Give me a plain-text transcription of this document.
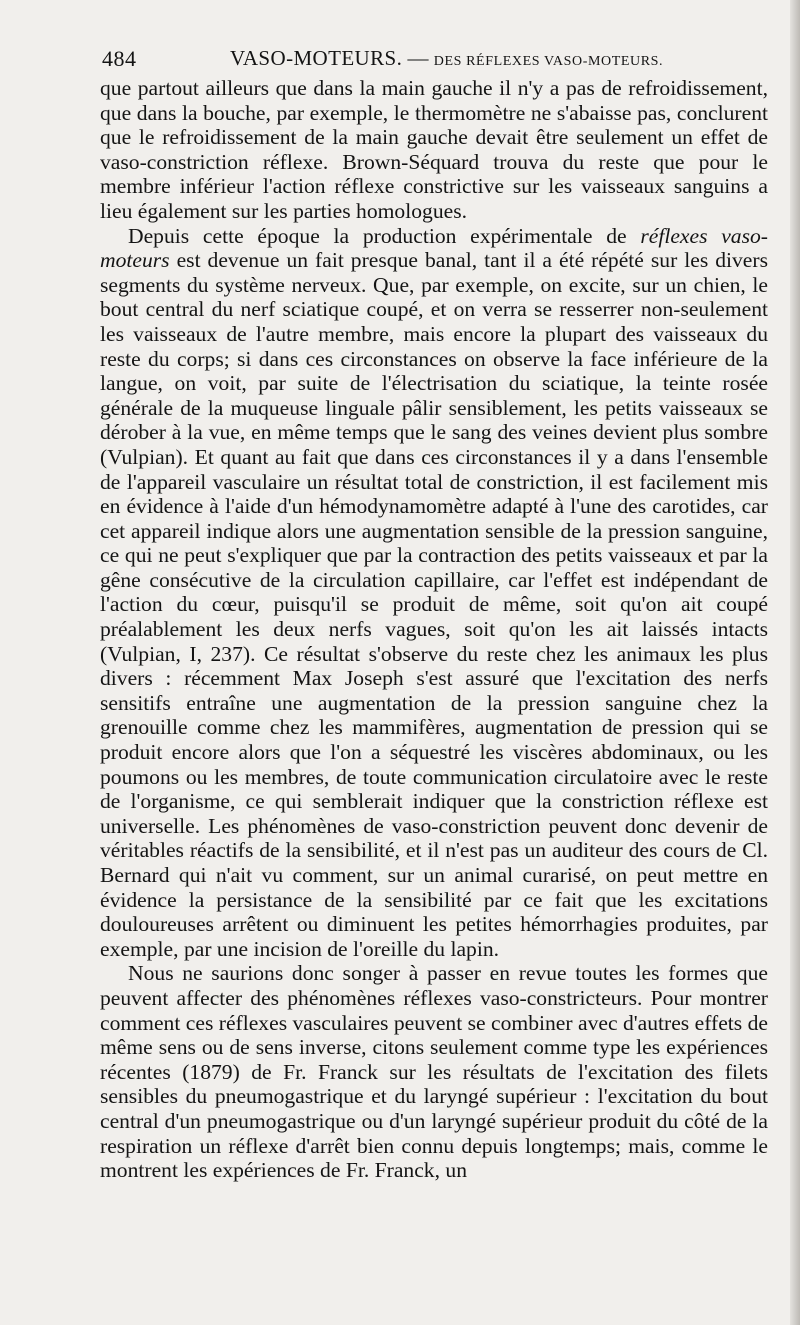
484	VASO-MOTEURS. — DES RÉFLEXES VASO-MOTEURS.

que partout ailleurs que dans la main gauche il n'y a pas de refroidissement, que dans la bouche, par exemple, le thermomètre ne s'abaisse pas, conclurent que le refroidissement de la main gauche devait être seulement un effet de vaso-constriction réflexe. Brown-Séquard trouva du reste que pour le membre inférieur l'action réflexe constrictive sur les vaisseaux sanguins a lieu également sur les parties homologues.

Depuis cette époque la production expérimentale de réflexes vaso-moteurs est devenue un fait presque banal, tant il a été répété sur les divers segments du système nerveux. Que, par exemple, on excite, sur un chien, le bout central du nerf sciatique coupé, et on verra se resserrer non-seulement les vaisseaux de l'autre membre, mais encore la plupart des vaisseaux du reste du corps; si dans ces circonstances on observe la face inférieure de la langue, on voit, par suite de l'électrisation du sciatique, la teinte rosée générale de la muqueuse linguale pâlir sensiblement, les petits vaisseaux se dérober à la vue, en même temps que le sang des veines devient plus sombre (Vulpian). Et quant au fait que dans ces circonstances il y a dans l'ensemble de l'appareil vasculaire un résultat total de constriction, il est facilement mis en évidence à l'aide d'un hémodynamomètre adapté à l'une des carotides, car cet appareil indique alors une augmentation sensible de la pression sanguine, ce qui ne peut s'expliquer que par la contraction des petits vaisseaux et par la gêne consécutive de la circulation capillaire, car l'effet est indépendant de l'action du cœur, puisqu'il se produit de même, soit qu'on ait coupé préalablement les deux nerfs vagues, soit qu'on les ait laissés intacts (Vulpian, I, 237). Ce résultat s'observe du reste chez les animaux les plus divers : récemment Max Joseph s'est assuré que l'excitation des nerfs sensitifs entraîne une augmentation de la pression sanguine chez la grenouille comme chez les mammifères, augmentation de pression qui se produit encore alors que l'on a séquestré les viscères abdominaux, ou les poumons ou les membres, de toute communication circulatoire avec le reste de l'organisme, ce qui semblerait indiquer que la constriction réflexe est universelle. Les phénomènes de vaso-constriction peuvent donc devenir de véritables réactifs de la sensibilité, et il n'est pas un auditeur des cours de Cl. Bernard qui n'ait vu comment, sur un animal curarisé, on peut mettre en évidence la persistance de la sensibilité par ce fait que les excitations douloureuses arrêtent ou diminuent les petites hémorrhagies produites, par exemple, par une incision de l'oreille du lapin.

Nous ne saurions donc songer à passer en revue toutes les formes que peuvent affecter des phénomènes réflexes vaso-constricteurs. Pour montrer comment ces réflexes vasculaires peuvent se combiner avec d'autres effets de même sens ou de sens inverse, citons seulement comme type les expériences récentes (1879) de Fr. Franck sur les résultats de l'excitation des filets sensibles du pneumogastrique et du laryngé supérieur : l'excitation du bout central d'un pneumogastrique ou d'un laryngé supérieur produit du côté de la respiration un réflexe d'arrêt bien connu depuis longtemps; mais, comme le montrent les expériences de Fr. Franck, un
